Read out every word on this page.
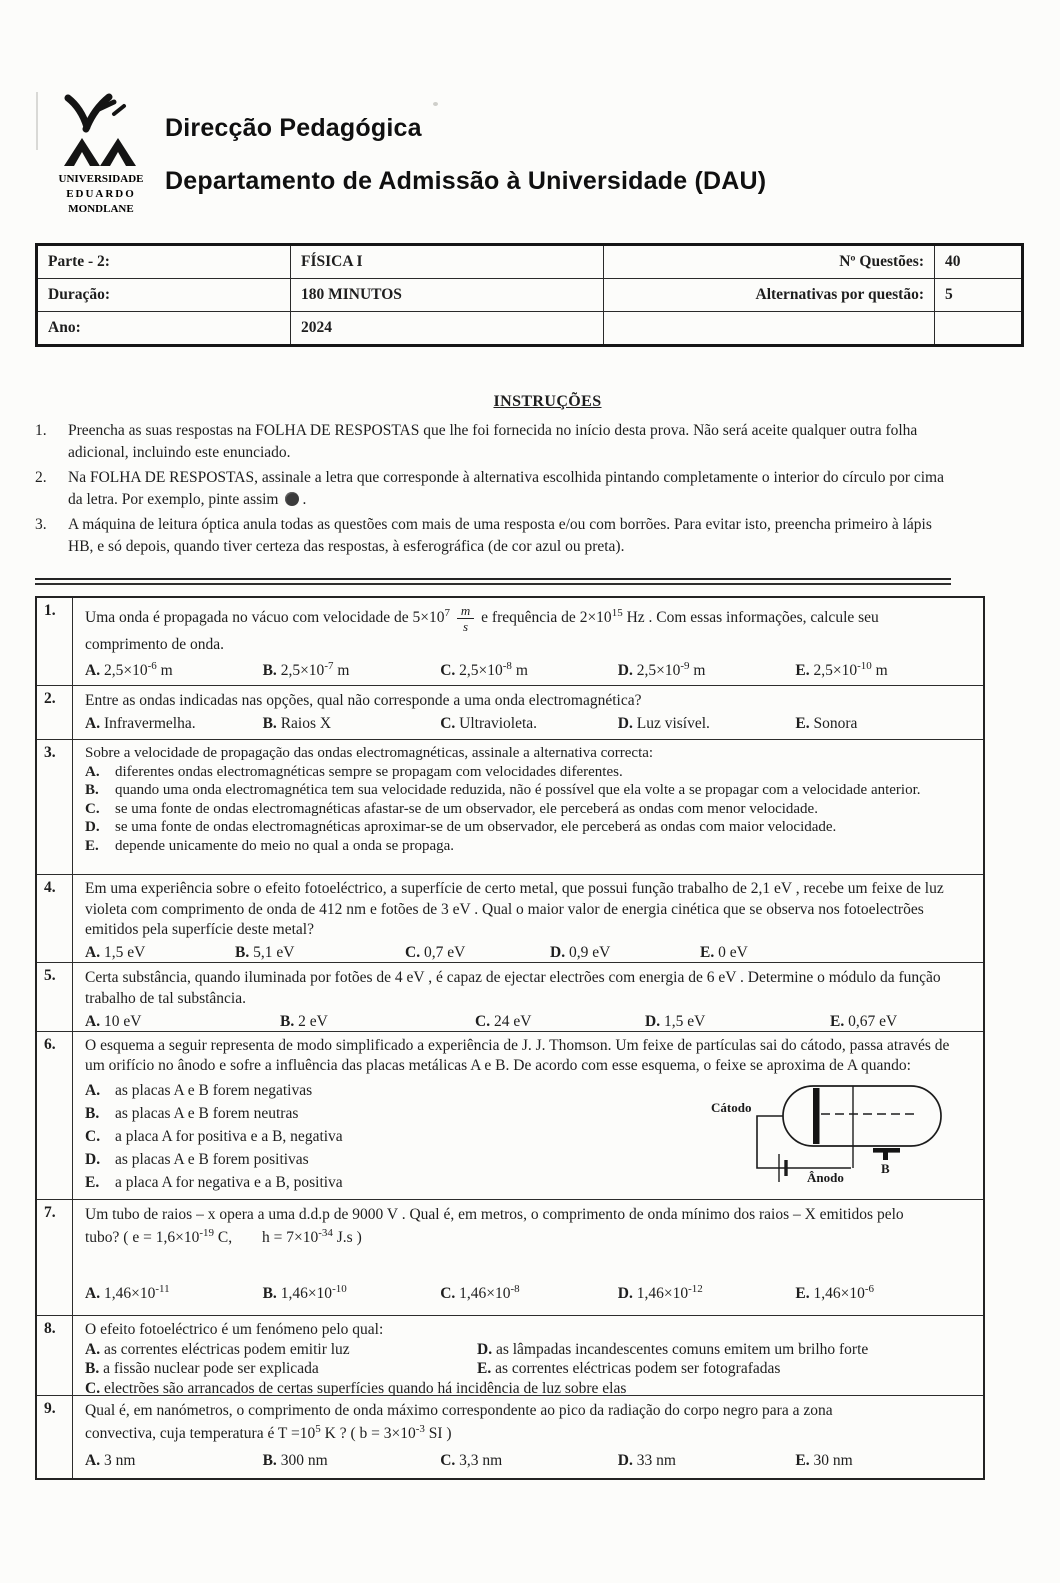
UNIVERSIDADE
EDUARDO
MONDLANE
Direcção Pedagógica
Departamento de Admissão à Universidade (DAU)
Parte - 2:	FÍSICA I	Nº Questões:	40
Duração:	180 MINUTOS	Alternativas por questão:	5
Ano:	2024		
INSTRUÇÕES
1.	Preencha as suas respostas na FOLHA DE RESPOSTAS que lhe foi fornecida no início desta prova. Não será aceite qualquer outra folha adicional, incluindo este enunciado.
2.	Na FOLHA DE RESPOSTAS, assinale a letra que corresponde à alternativa escolhida pintando completamente o interior do círculo por cima da letra. Por exemplo, pinte assim .
3.	A máquina de leitura óptica anula todas as questões com mais de uma resposta e/ou com borrões. Para evitar isto, preencha primeiro à lápis HB, e só depois, quando tiver certeza das respostas, à esferográfica (de cor azul ou preta).
1.	Uma onda é propagada no vácuo com velocidade de $5\times 10^7 \frac{m}{s}$ e frequência de $2\times 10^{15}$ Hz . Com essas informações, calcule seu
comprimento de onda.
A. $2,5\times 10^{-6}$ m	B. $2,5\times 10^{-7}$ m	C. $2,5\times 10^{-8}$ m	D. $2,5\times 10^{-9}$ m	E. $2,5\times 10^{-10}$ m
2.	Entre as ondas indicadas nas opções, qual não corresponde a uma onda electromagnética?
A. Infravermelha.	B. Raios X	C. Ultravioleta.	D. Luz visível.	E. Sonora
3.	Sobre a velocidade de propagação das ondas electromagnéticas, assinale a alternativa correcta:
A.	diferentes ondas electromagnéticas sempre se propagam com velocidades diferentes.
B.	quando uma onda electromagnética tem sua velocidade reduzida, não é possível que ela volte a se propagar com a velocidade anterior.
C.	se uma fonte de ondas electromagnéticas afastar-se de um observador, ele perceberá as ondas com menor velocidade.
D.	se uma fonte de ondas electromagnéticas aproximar-se de um observador, ele perceberá as ondas com maior velocidade.
E.	depende unicamente do meio no qual a onda se propaga.
4.	Em uma experiência sobre o efeito fotoeléctrico, a superfície de certo metal, que possui função trabalho de 2,1 eV , recebe um feixe de luz violeta com comprimento de onda de 412 nm e fotões de 3 eV . Qual o maior valor de energia cinética que se observa nos fotoelectrões emitidos pela superfície deste metal?
A. 1,5 eV	B. 5,1 eV	C. 0,7 eV	D. 0,9 eV	E. 0 eV
5.	Certa substância, quando iluminada por fotões de 4 eV , é capaz de ejectar electrões com energia de 6 eV . Determine o módulo da função trabalho de tal substância.
A. 10 eV	B. 2 eV	C. 24 eV	D. 1,5 eV	E. 0,67 eV
6.	O esquema a seguir representa de modo simplificado a experiência de J. J. Thomson. Um feixe de partículas sai do cátodo, passa através de um orifício no ânodo e sofre a influência das placas metálicas A e B. De acordo com esse esquema, o feixe se aproxima de A quando:
A. as placas A e B forem negativas
B.	as placas A e B forem neutras
C. a placa A for positiva e a B, negativa
D. as placas A e B forem positivas
E.	a placa A for negativa e a B, positiva
Cátodo
Ânodo
B
7.	Um tubo de raios – x opera a uma d.d.p de 9000 V . Qual é, em metros, o comprimento de onda mínimo dos raios – X emitidos pelo
tubo? ( $e = 1,6\times 10^{-19}$ C, $h = 7\times 10^{-34}$ J.s )
A. $1,46\times 10^{-11}$	B. $1,46\times 10^{-10}$	C. $1,46\times 10^{-8}$	D. $1,46\times 10^{-12}$	E. $1,46\times 10^{-6}$
8.	O efeito fotoeléctrico é um fenómeno pelo qual:
A. as correntes eléctricas podem emitir luz	D. as lâmpadas incandescentes comuns emitem um brilho forte
B. a fissão nuclear pode ser explicada	E. as correntes eléctricas podem ser fotografadas
C. electrões são arrancados de certas superfícies quando há incidência de luz sobre elas
9.	Qual é, em nanómetros, o comprimento de onda máximo correspondente ao pico da radiação do corpo negro para a zona
convectiva, cuja temperatura é $T =10^5$ K ? ( $b = 3\times 10^{-3}$ SI )
A. 3 nm	B. 300 nm	C. 3,3 nm	D. 33 nm	E. 30 nm
